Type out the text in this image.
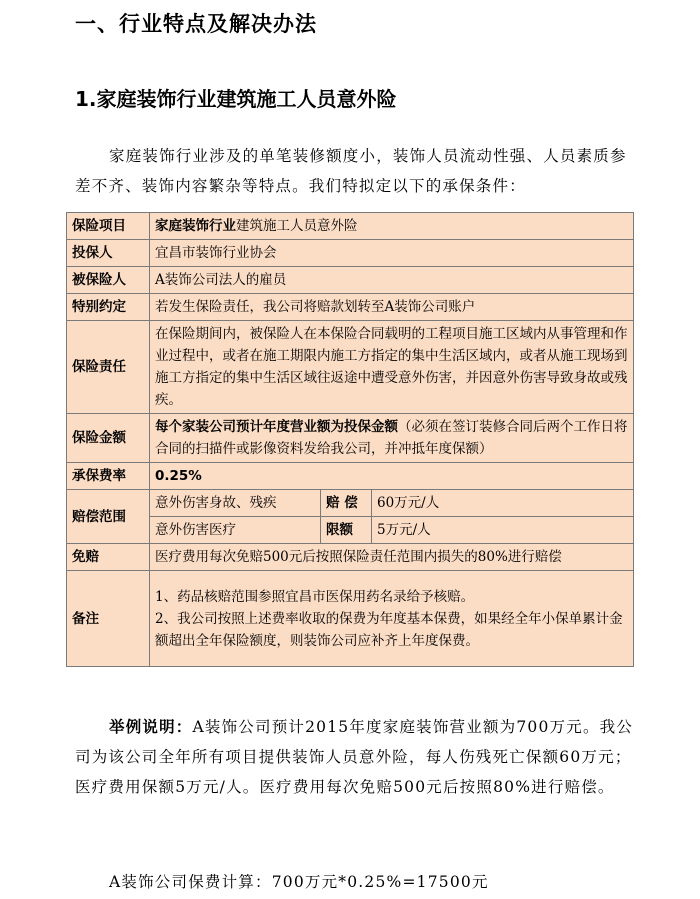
一、行业特点及解决办法
1.家庭装饰行业建筑施工人员意外险
家庭装饰行业涉及的单笔装修额度小，装饰人员流动性强、人员素质参差不齐、装饰内容繁杂等特点。我们特拟定以下的承保条件：
保险项目	家庭装饰行业建筑施工人员意外险		
投保人	宜昌市装饰行业协会		
被保险人	A装饰公司法人的雇员		
特别约定	若发生保险责任，我公司将赔款划转至A装饰公司账户		
保险责任	在保险期间内，被保险人在本保险合同载明的工程项目施工区域内从事管理和作业过程中，或者在施工期限内施工方指定的集中生活区域内，或者从施工现场到施工方指定的集中生活区域往返途中遭受意外伤害，并因意外伤害导致身故或残疾。		
保险金额	每个家装公司预计年度营业额为投保金额（必须在签订装修合同后两个工作日将合同的扫描件或影像资料发给我公司，并冲抵年度保额）		
承保费率	0.25%		
赔偿范围	意外伤害身故、残疾	赔 偿	60万元/人
	意外伤害医疗	限额	5万元/人
免赔	医疗费用每次免赔500元后按照保险责任范围内损失的80%进行赔偿		
备注	1、药品核赔范围参照宜昌市医保用药名录给予核赔。
2、我公司按照上述费率收取的保费为年度基本保费，如果经全年小保单累计金额超出全年保险额度，则装饰公司应补齐上年度保费。		
举例说明：A装饰公司预计2015年度家庭装饰营业额为700万元。我公司为该公司全年所有项目提供装饰人员意外险，每人伤残死亡保额60万元；医疗费用保额5万元/人。医疗费用每次免赔500元后按照80%进行赔偿。
A装饰公司保费计算：700万元*0.25%=17500元
